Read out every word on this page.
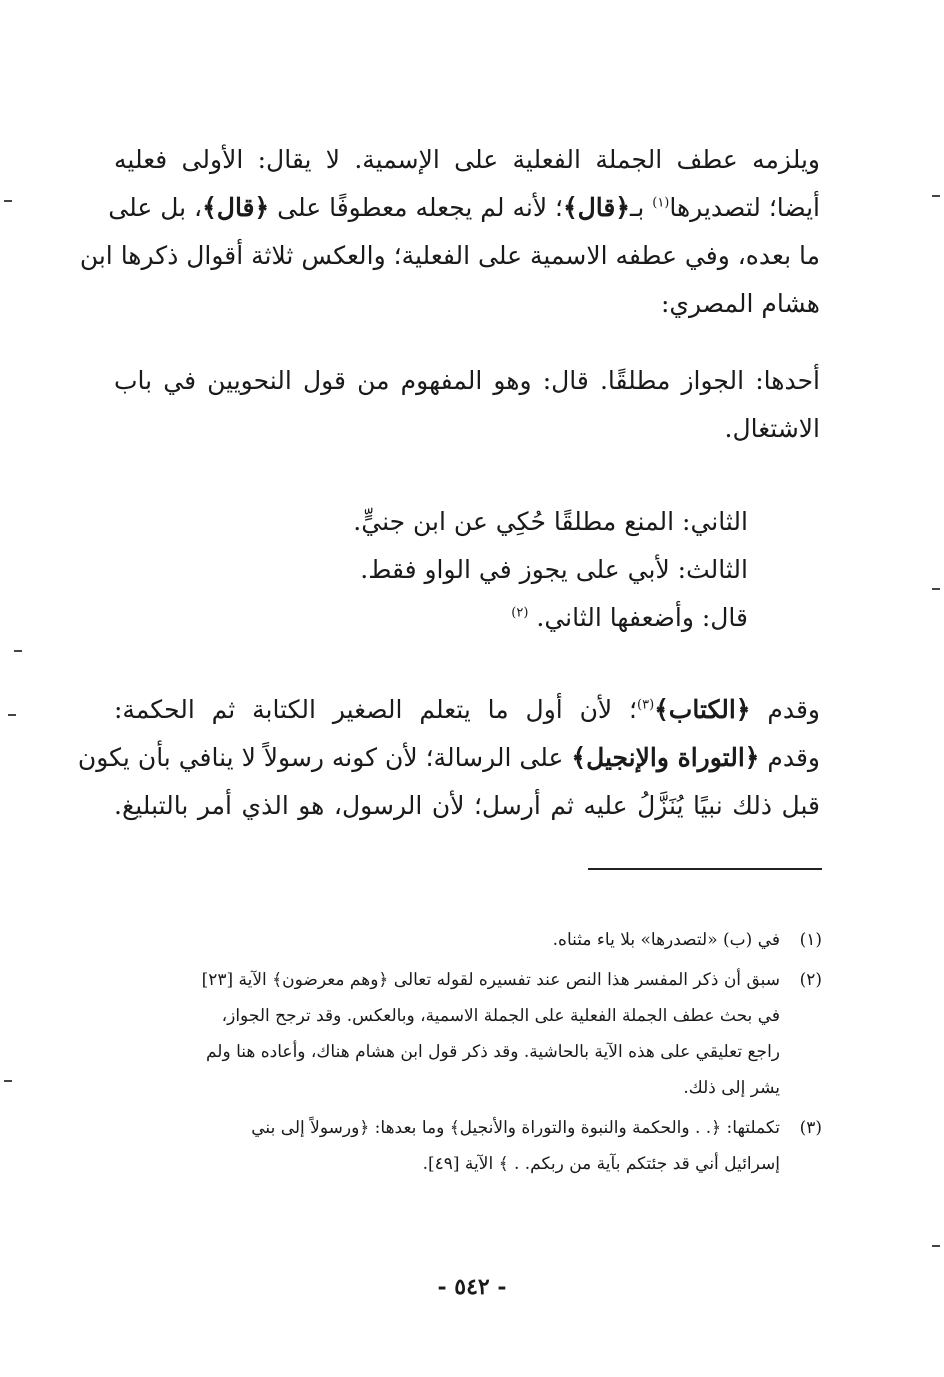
ويلزمه عطف الجملة الفعلية على الإسمية. لا يقال: الأولى فعليه
أيضا؛ لتصديرها$^{(١)}$ بـ﴿قال﴾؛ لأنه لم يجعله معطوفًا على ﴿قال﴾، بل على
ما بعده، وفي عطفه الاسمية على الفعلية؛ والعكس ثلاثة أقوال ذكرها ابن
هشام المصري:
أحدها: الجواز مطلقًا. قال: وهو المفهوم من قول النحويين في باب
الاشتغال.
الثاني: المنع مطلقًا حُكِي عن ابن جنيٍّ.
الثالث: لأبي على يجوز في الواو فقط.
قال: وأضعفها الثاني. $^{(٢)}$
وقدم ﴿الكتاب﴾$^{(٣)}$؛ لأن أول ما يتعلم الصغير الكتابة ثم الحكمة:
وقدم ﴿التوراة والإنجيل﴾ على الرسالة؛ لأن كونه رسولاً لا ينافي بأن يكون
قبل ذلك نبيًا يُنَزَّلُ عليه ثم أرسل؛ لأن الرسول، هو الذي أمر بالتبليغ.
(١)
في (ب) «لتصدرها» بلا ياء مثناه.
(٢)
سبق أن ذكر المفسر هذا النص عند تفسيره لقوله تعالى ﴿وهم معرضون﴾ الآية [٢٣]
في بحث عطف الجملة الفعلية على الجملة الاسمية، وبالعكس. وقد ترجح الجواز،
راجع تعليقي على هذه الآية بالحاشية. وقد ذكر قول ابن هشام هناك، وأعاده هنا ولم
يشر إلى ذلك.
(٣)
تكملتها: ﴿. . والحكمة والنبوة والتوراة والأنجيل﴾ وما بعدها: ﴿ورسولاً إلى بني
إسرائيل أني قد جئتكم بآية من ربكم. . ﴾ الآية [٤٩].
- ٥٤٢ -
